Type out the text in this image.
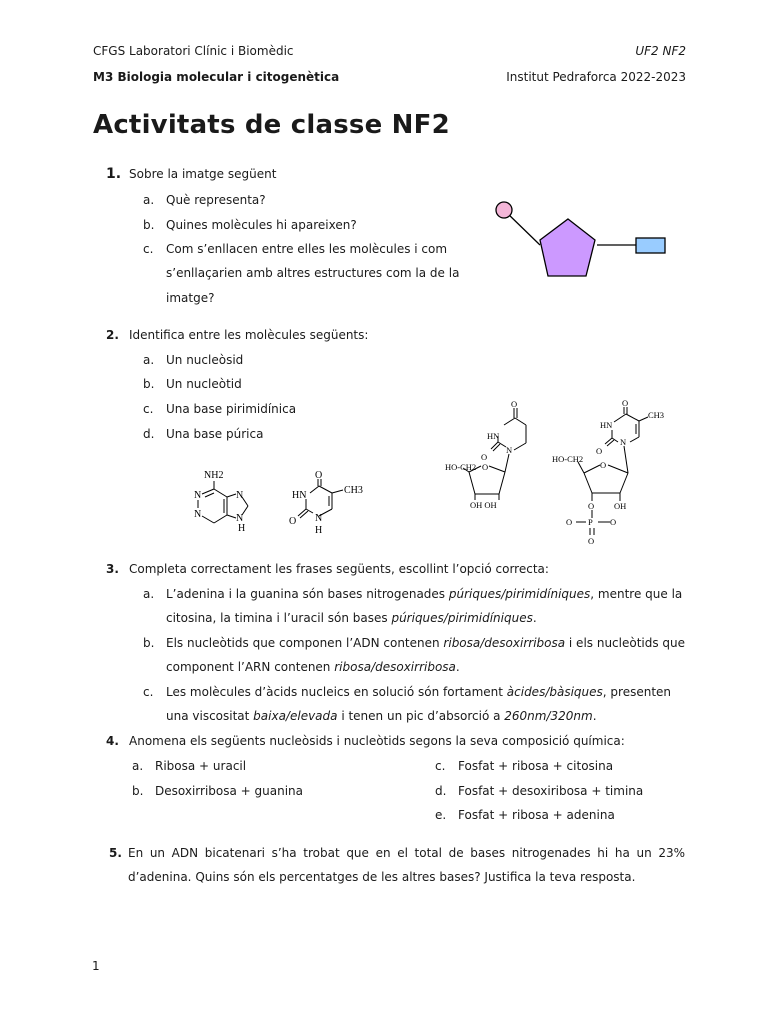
CFGS Laboratori Clínic i Biomèdic	UF2 NF2
M3 Biologia molecular i citogenètica	Institut Pedraforca 2022-2023
Activitats de classe NF2
1. Sobre la imatge següent
a. Què representa?
b. Quines molècules hi apareixen?
c. Com s’enllacen entre elles les molècules i com
s’enllaçarien amb altres estructures com la de la
imatge?
2. Identifica entre les molècules següents:
a. Un nucleòsid
b. Un nucleòtid
c. Una base pirimidínica
d. Una base púrica
NH2
N
N
N
N
H
O
CH3
HN
O N
H
O
HN
O
N
O
HO-CH2
OH OH
O
CH3
HN
O
N
O
HO-CH2
O OH
O P O
O
3. Completa correctament les frases següents, escollint l’opció correcta:
a. L’adenina i la guanina són bases nitrogenades púriques/pirimidíniques, mentre que la
citosina, la timina i l’uracil són bases púriques/pirimidíniques.
b. Els nucleòtids que componen l’ADN contenen ribosa/desoxirribosa i els nucleòtids que
component l’ARN contenen ribosa/desoxirribosa.
c. Les molècules d’àcids nucleics en solució són fortament àcides/bàsiques, presenten
una viscositat baixa/elevada i tenen un pic d’absorció a 260nm/320nm.
4. Anomena els següents nucleòsids i nucleòtids segons la seva composició química:
a. Ribosa + uracil
b. Desoxirribosa + guanina
c. Fosfat + ribosa + citosina
d. Fosfat + desoxiribosa + timina
e. Fosfat + ribosa + adenina
5. En un ADN bicatenari s’ha trobat que en el total de bases nitrogenades hi ha un 23%
d’adenina. Quins són els percentatges de les altres bases? Justifica la teva resposta.
1
